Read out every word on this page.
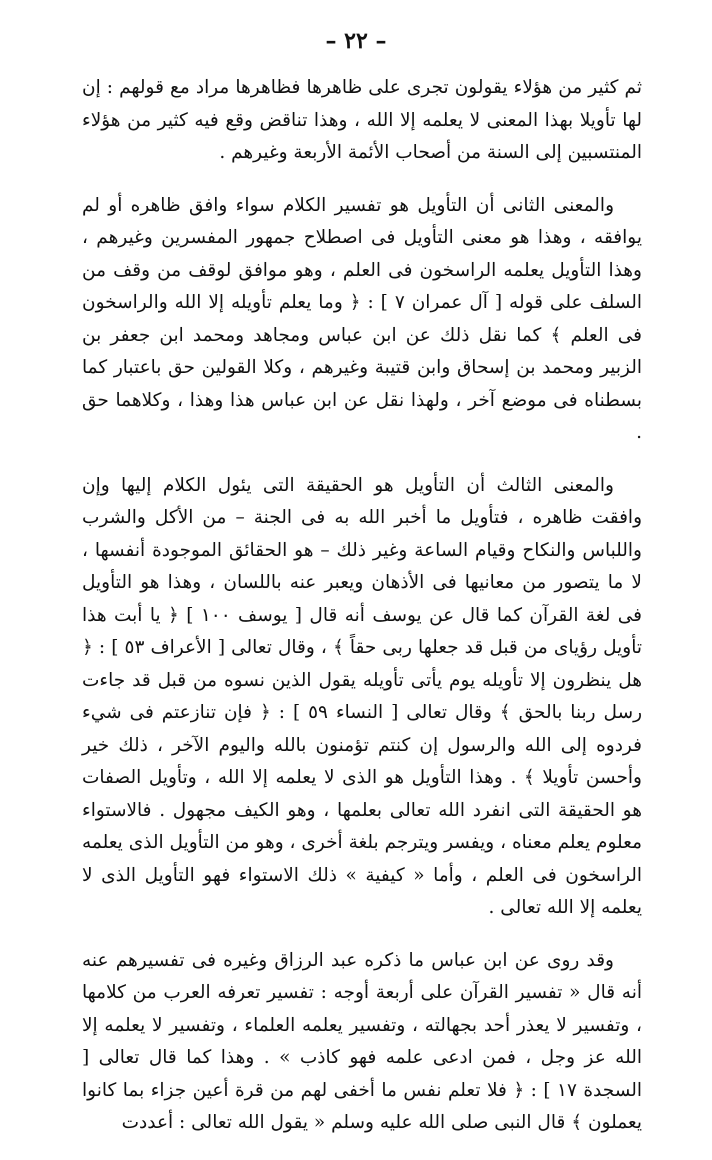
– ٢٢ –

ثم كثير من هؤلاء يقولون تجرى على ظاهرها فظاهرها مراد مع قولهم : إن لها تأويلا بهذا المعنى لا يعلمه إلا الله ، وهذا تناقض وقع فيه كثير من هؤلاء المنتسبين إلى السنة من أصحاب الأئمة الأربعة وغيرهم .

والمعنى الثانى أن التأويل هو تفسير الكلام سواء وافق ظاهره أو لم يوافقه ، وهذا هو معنى التأويل فى اصطلاح جمهور المفسرين وغيرهم ، وهذا التأويل يعلمه الراسخون فى العلم ، وهو موافق لوقف من وقف من السلف على قوله [ آل عمران ٧ ] : ﴿ وما يعلم تأويله إلا الله والراسخون فى العلم ﴾ كما نقل ذلك عن ابن عباس ومجاهد ومحمد ابن جعفر بن الزبير ومحمد بن إسحاق وابن قتيبة وغيرهم ، وكلا القولين حق باعتبار كما بسطناه فى موضع آخر ، ولهذا نقل عن ابن عباس هذا وهذا ، وكلاهما حق .

والمعنى الثالث أن التأويل هو الحقيقة التى يئول الكلام إليها وإن وافقت ظاهره ، فتأويل ما أخبر الله به فى الجنة – من الأكل والشرب واللباس والنكاح وقيام الساعة وغير ذلك – هو الحقائق الموجودة أنفسها ، لا ما يتصور من معانيها فى الأذهان ويعبر عنه باللسان ، وهذا هو التأويل فى لغة القرآن كما قال عن يوسف أنه قال [ يوسف ١٠٠ ] ﴿ يا أبت هذا تأويل رؤياى من قبل قد جعلها ربى حقاً ﴾ ، وقال تعالى [ الأعراف ٥٣ ] : ﴿ هل ينظرون إلا تأويله يوم يأتى تأويله يقول الذين نسوه من قبل قد جاءت رسل ربنا بالحق ﴾ وقال تعالى [ النساء ٥٩ ] : ﴿ فإن تنازعتم فى شيء فردوه إلى الله والرسول إن كنتم تؤمنون بالله واليوم الآخر ، ذلك خير وأحسن تأويلا ﴾ . وهذا التأويل هو الذى لا يعلمه إلا الله ، وتأويل الصفات هو الحقيقة التى انفرد الله تعالى بعلمها ، وهو الكيف مجهول . فالاستواء معلوم يعلم معناه ، ويفسر ويترجم بلغة أخرى ، وهو من التأويل الذى يعلمه الراسخون فى العلم ، وأما « كيفية » ذلك الاستواء فهو التأويل الذى لا يعلمه إلا الله تعالى .

وقد روى عن ابن عباس ما ذكره عبد الرزاق وغيره فى تفسيرهم عنه أنه قال « تفسير القرآن على أربعة أوجه : تفسير تعرفه العرب من كلامها ، وتفسير لا يعذر أحد بجهالته ، وتفسير يعلمه العلماء ، وتفسير لا يعلمه إلا الله عز وجل ، فمن ادعى علمه فهو كاذب » . وهذا كما قال تعالى [ السجدة ١٧ ] : ﴿ فلا تعلم نفس ما أخفى لهم من قرة أعين جزاء بما كانوا يعملون ﴾ قال النبى صلى الله عليه وسلم « يقول الله تعالى : أعددت
